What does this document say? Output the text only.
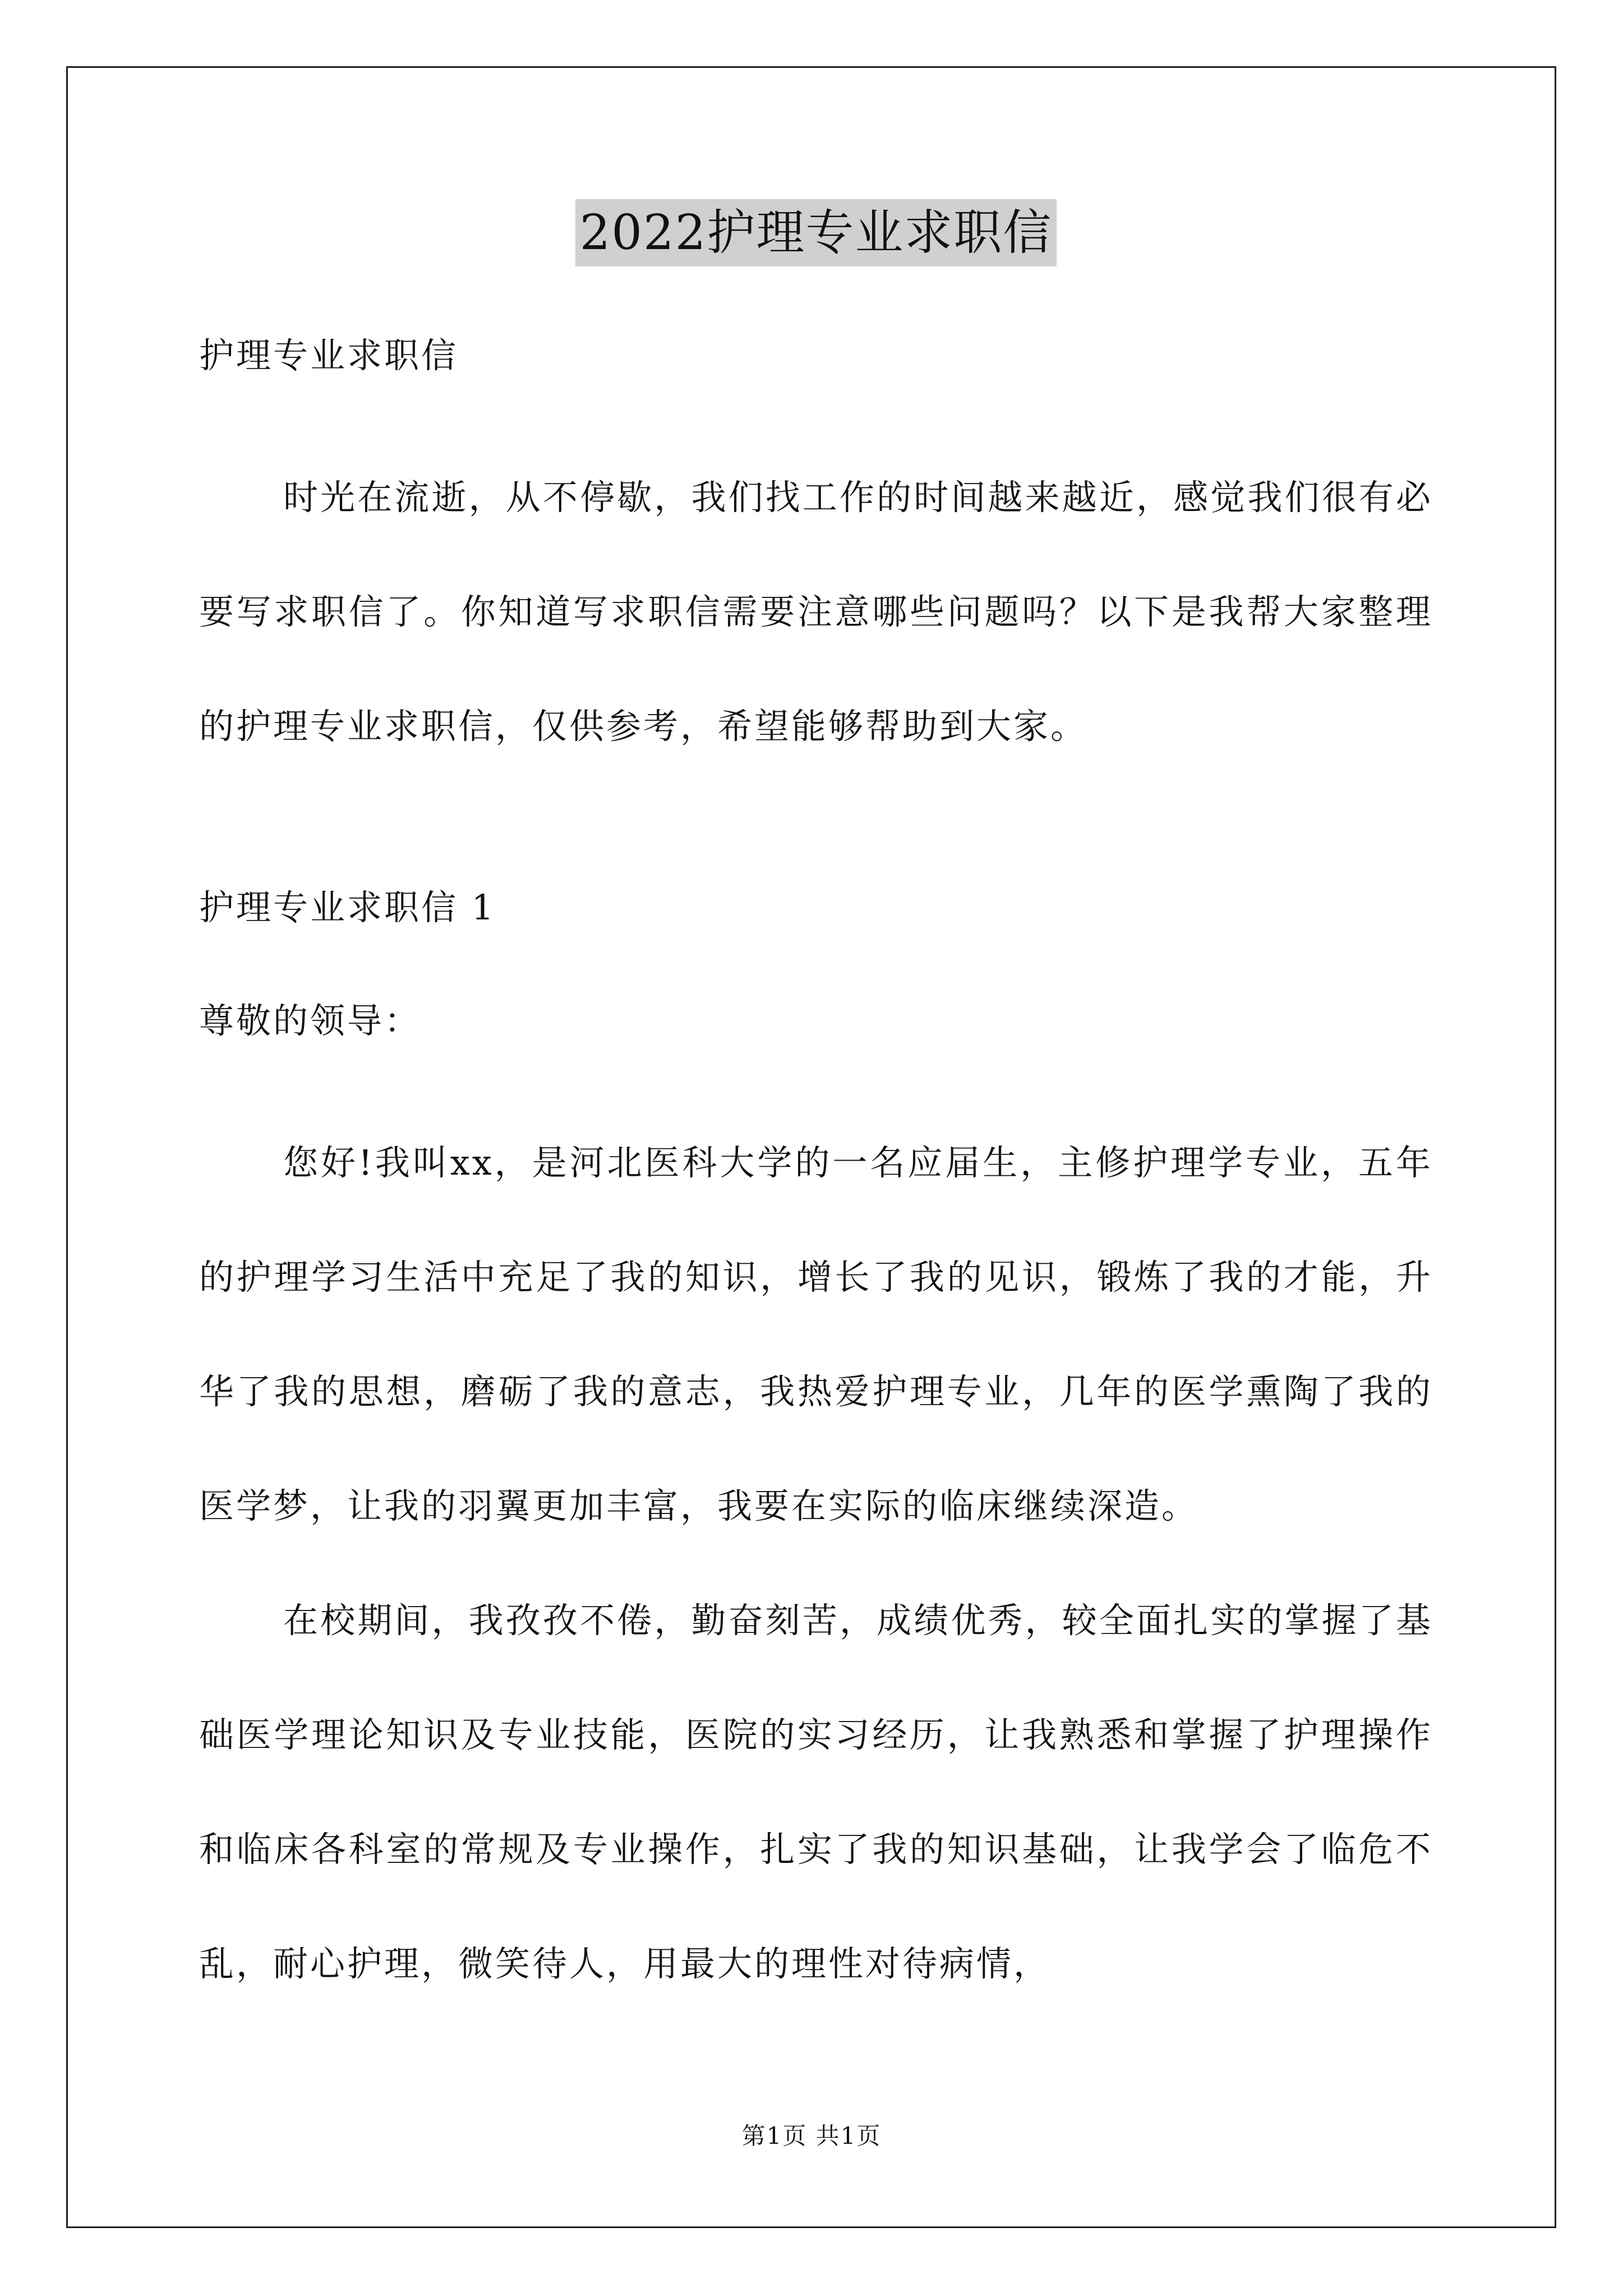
2022护理专业求职信

护理专业求职信

时光在流逝，从不停歇，我们找工作的时间越来越近，感觉我们很有必要写求职信了。你知道写求职信需要注意哪些问题吗？以下是我帮大家整理的护理专业求职信，仅供参考，希望能够帮助到大家。

护理专业求职信 1

尊敬的领导：

您好!我叫xx，是河北医科大学的一名应届生，主修护理学专业，五年的护理学习生活中充足了我的知识，增长了我的见识，锻炼了我的才能，升华了我的思想，磨砺了我的意志，我热爱护理专业，几年的医学熏陶了我的医学梦，让我的羽翼更加丰富，我要在实际的临床继续深造。

在校期间，我孜孜不倦，勤奋刻苦，成绩优秀，较全面扎实的掌握了基础医学理论知识及专业技能，医院的实习经历，让我熟悉和掌握了护理操作和临床各科室的常规及专业操作，扎实了我的知识基础，让我学会了临危不乱，耐心护理，微笑待人，用最大的理性对待病情，

第1页 共1页
